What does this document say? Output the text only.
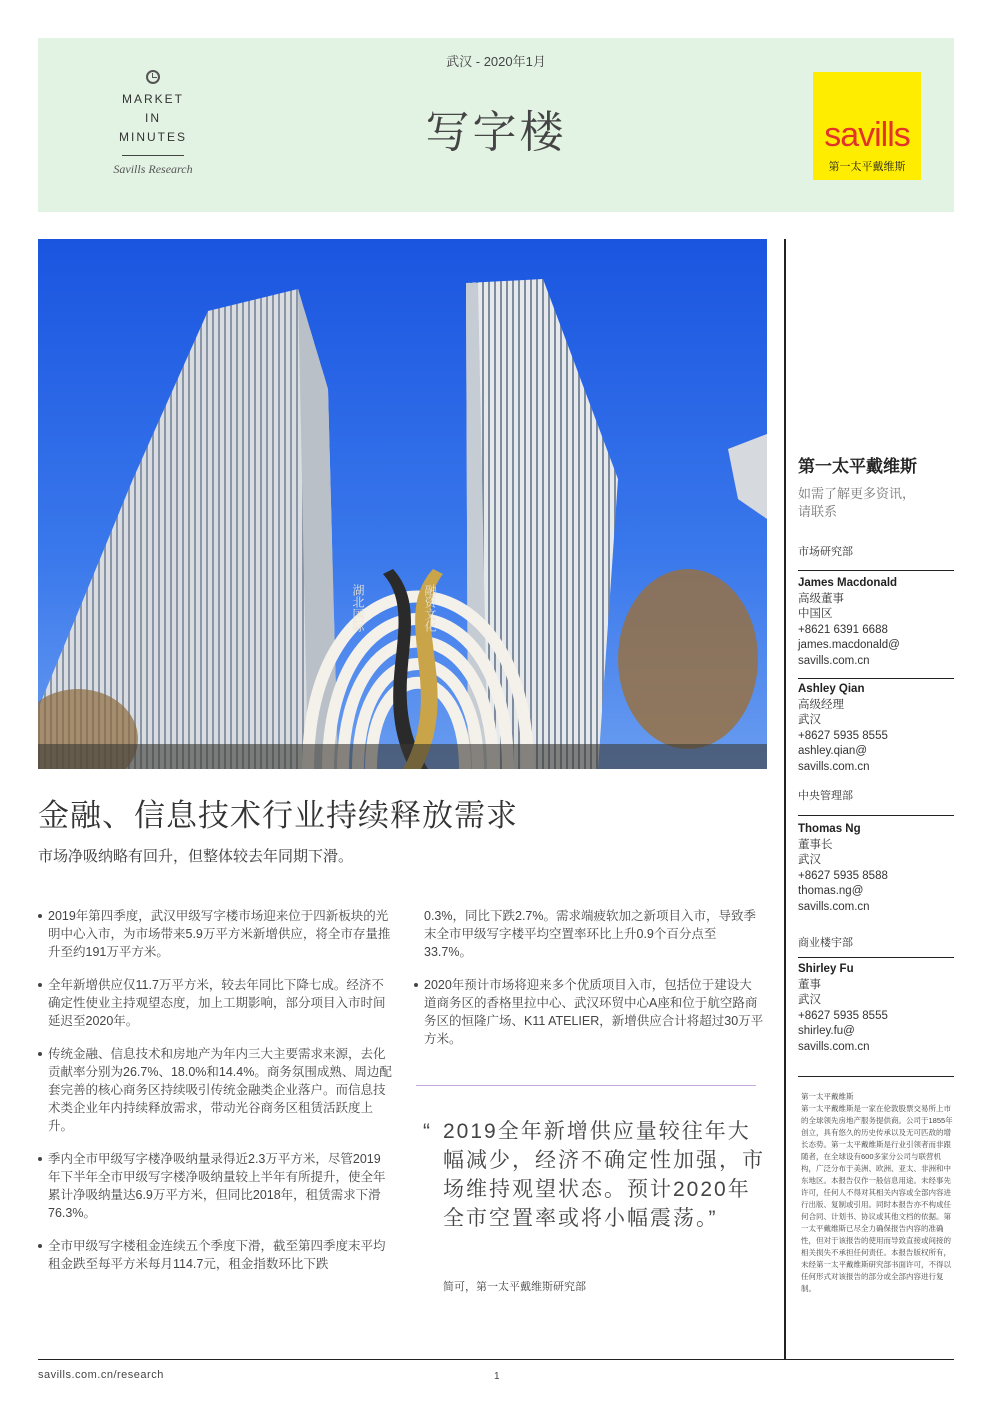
MARKET
IN
MINUTES
Savills Research
武汉 - 2020年1月
写字楼	savills
第一太平戴维斯
湖北国际	融资文化
第一太平戴维斯
如需了解更多资讯，
请联系
市场研究部
James Macdonald
高级董事
中国区
+8621 6391 6688
james.macdonald@
savills.com.cn
Ashley Qian
高级经理
武汉
+8627 5935 8555
ashley.qian@
savills.com.cn
中央管理部
Thomas Ng
董事长
武汉
+8627 5935 8588
thomas.ng@
savills.com.cn
商业楼宇部
Shirley Fu
董事
武汉
+8627 5935 8555
shirley.fu@
savills.com.cn
第一太平戴维斯
第一太平戴维斯是一家在伦敦股票交易所上市的全球领先房地产服务提供商。公司于1855年创立，具有悠久的历史传承以及无可匹敌的增长态势。第一太平戴维斯是行业引领者而非跟随者，在全球设有600多家分公司与联营机构，广泛分布于美洲、欧洲、亚太、非洲和中东地区。本报告仅作一般信息用途。未经事先许可，任何人不得对其相关内容或全部内容进行出版、复制或引用。同时本报告亦不构成任何合同、计划书、协议或其他文档的依据。第一太平戴维斯已尽全力确保报告内容的准确性，但对于该报告的使用而导致直接或间接的相关损失不承担任何责任。本报告版权所有，未经第一太平戴维斯研究部书面许可，不得以任何形式对该报告的部分或全部内容进行复制。
金融、信息技术行业持续释放需求
市场净吸纳略有回升，但整体较去年同期下滑。
2019年第四季度，武汉甲级写字楼市场迎来位于四新板块的光明中心入市，为市场带来5.9万平方米新增供应，将全市存量推升至约191万平方米。
全年新增供应仅11.7万平方米，较去年同比下降七成。经济不确定性使业主持观望态度，加上工期影响，部分项目入市时间延迟至2020年。
传统金融、信息技术和房地产为年内三大主要需求来源，去化贡献率分别为26.7%、18.0%和14.4%。商务氛围成熟、周边配套完善的核心商务区持续吸引传统金融类企业落户。而信息技术类企业年内持续释放需求，带动光谷商务区租赁活跃度上升。
季内全市甲级写字楼净吸纳量录得近2.3万平方米，尽管2019年下半年全市甲级写字楼净吸纳量较上半年有所提升，使全年累计净吸纳量达6.9万平方米，但同比2018年，租赁需求下滑76.3%。
全市甲级写字楼租金连续五个季度下滑，截至第四季度末平均租金跌至每平方米每月114.7元，租金指数环比下跌
0.3%，同比下跌2.7%。需求端疲软加之新项目入市，导致季末全市甲级写字楼平均空置率环比上升0.9个百分点至33.7%。
2020年预计市场将迎来多个优质项目入市，包括位于建设大道商务区的香格里拉中心、武汉环贸中心A座和位于航空路商务区的恒隆广场、K11 ATELIER，新增供应合计将超过30万平方米。
“ 2019全年新增供应量较往年大幅减少，经济不确定性加强，市场维持观望状态。预计2020年全市空置率或将小幅震荡。”
简可，第一太平戴维斯研究部
savills.com.cn/research	1
